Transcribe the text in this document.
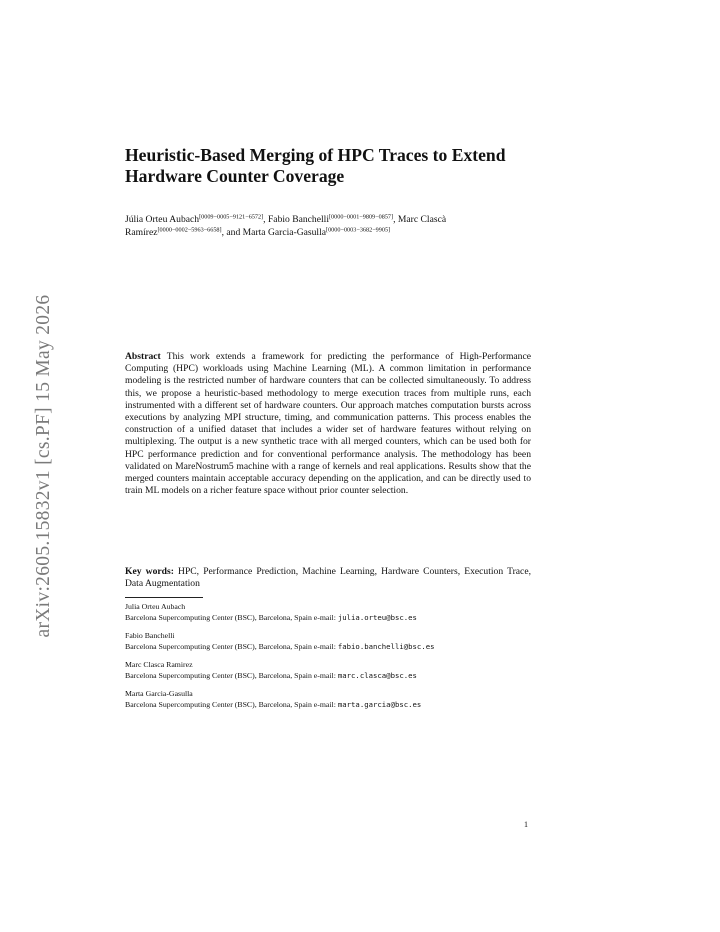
arXiv:2605.15832v1 [cs.PF] 15 May 2026
Heuristic-Based Merging of HPC Traces to Extend Hardware Counter Coverage
Júlia Orteu Aubach[0009−0005−9121−6572], Fabio Banchelli[0000−0001−9809−0857], Marc Clascà Ramírez[0000−0002−5963−6658], and Marta Garcia-Gasulla[0000−0003−3682−9905]

Abstract This work extends a framework for predicting the performance of High-Performance Computing (HPC) workloads using Machine Learning (ML). A common limitation in performance modeling is the restricted number of hardware counters that can be collected simultaneously. To address this, we propose a heuristic-based methodology to merge execution traces from multiple runs, each instrumented with a different set of hardware counters. Our approach matches computation bursts across executions by analyzing MPI structure, timing, and communication patterns. This process enables the construction of a unified dataset that includes a wider set of hardware features without relying on multiplexing. The output is a new synthetic trace with all merged counters, which can be used both for HPC performance prediction and for conventional performance analysis. The methodology has been validated on MareNostrum5 machine with a range of kernels and real applications. Results show that the merged counters maintain acceptable accuracy depending on the application, and can be directly used to train ML models on a richer feature space without prior counter selection.

Key words: HPC, Performance Prediction, Machine Learning, Hardware Counters, Execution Trace, Data Augmentation

Julia Orteu Aubach
Barcelona Supercomputing Center (BSC), Barcelona, Spain e-mail: julia.orteu@bsc.es
Fabio Banchelli
Barcelona Supercomputing Center (BSC), Barcelona, Spain e-mail: fabio.banchelli@bsc.es
Marc Clasca Ramirez
Barcelona Supercomputing Center (BSC), Barcelona, Spain e-mail: marc.clasca@bsc.es
Marta Garcia-Gasulla
Barcelona Supercomputing Center (BSC), Barcelona, Spain e-mail: marta.garcia@bsc.es
1
